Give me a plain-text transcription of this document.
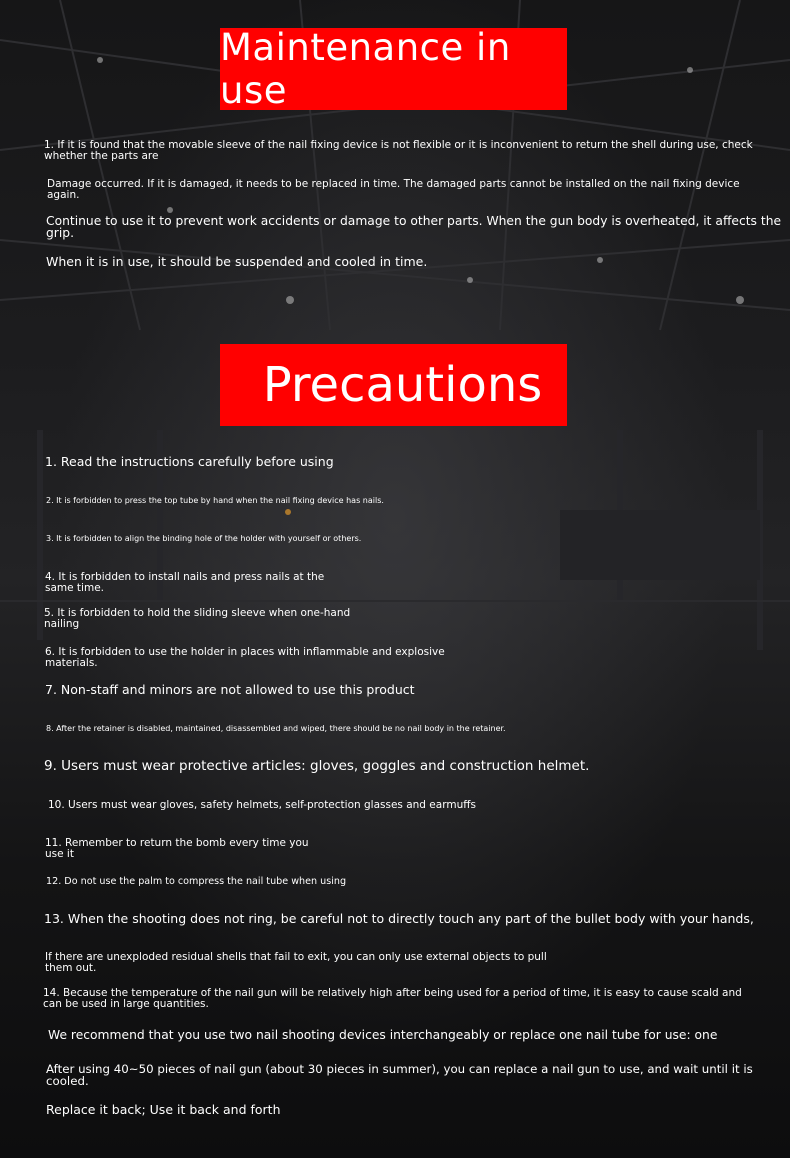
Maintenance in use

1. If it is found that the movable sleeve of the nail fixing device is not flexible or it is inconvenient to return the shell during use, check whether the parts are

Damage occurred. If it is damaged, it needs to be replaced in time. The damaged parts cannot be installed on the nail fixing device again.

Continue to use it to prevent work accidents or damage to other parts. When the gun body is overheated, it affects the grip.

When it is in use, it should be suspended and cooled in time.

Precautions

1. Read the instructions carefully before using

2. It is forbidden to press the top tube by hand when the nail fixing device has nails.

3. It is forbidden to align the binding hole of the holder with yourself or others.

4. It is forbidden to install nails and press nails at the same time.

5. It is forbidden to hold the sliding sleeve when one-hand nailing

6. It is forbidden to use the holder in places with inflammable and explosive materials.

7. Non-staff and minors are not allowed to use this product

8. After the retainer is disabled, maintained, disassembled and wiped, there should be no nail body in the retainer.

9. Users must wear protective articles: gloves, goggles and construction helmet.

10. Users must wear gloves, safety helmets, self-protection glasses and earmuffs

11. Remember to return the bomb every time you use it

12. Do not use the palm to compress the nail tube when using

13. When the shooting does not ring, be careful not to directly touch any part of the bullet body with your hands,

If there are unexploded residual shells that fail to exit, you can only use external objects to pull them out.

14. Because the temperature of the nail gun will be relatively high after being used for a period of time, it is easy to cause scald and can be used in large quantities.

We recommend that you use two nail shooting devices interchangeably or replace one nail tube for use: one

After using 40~50 pieces of nail gun (about 30 pieces in summer), you can replace a nail gun to use, and wait until it is cooled.

Replace it back; Use it back and forth
